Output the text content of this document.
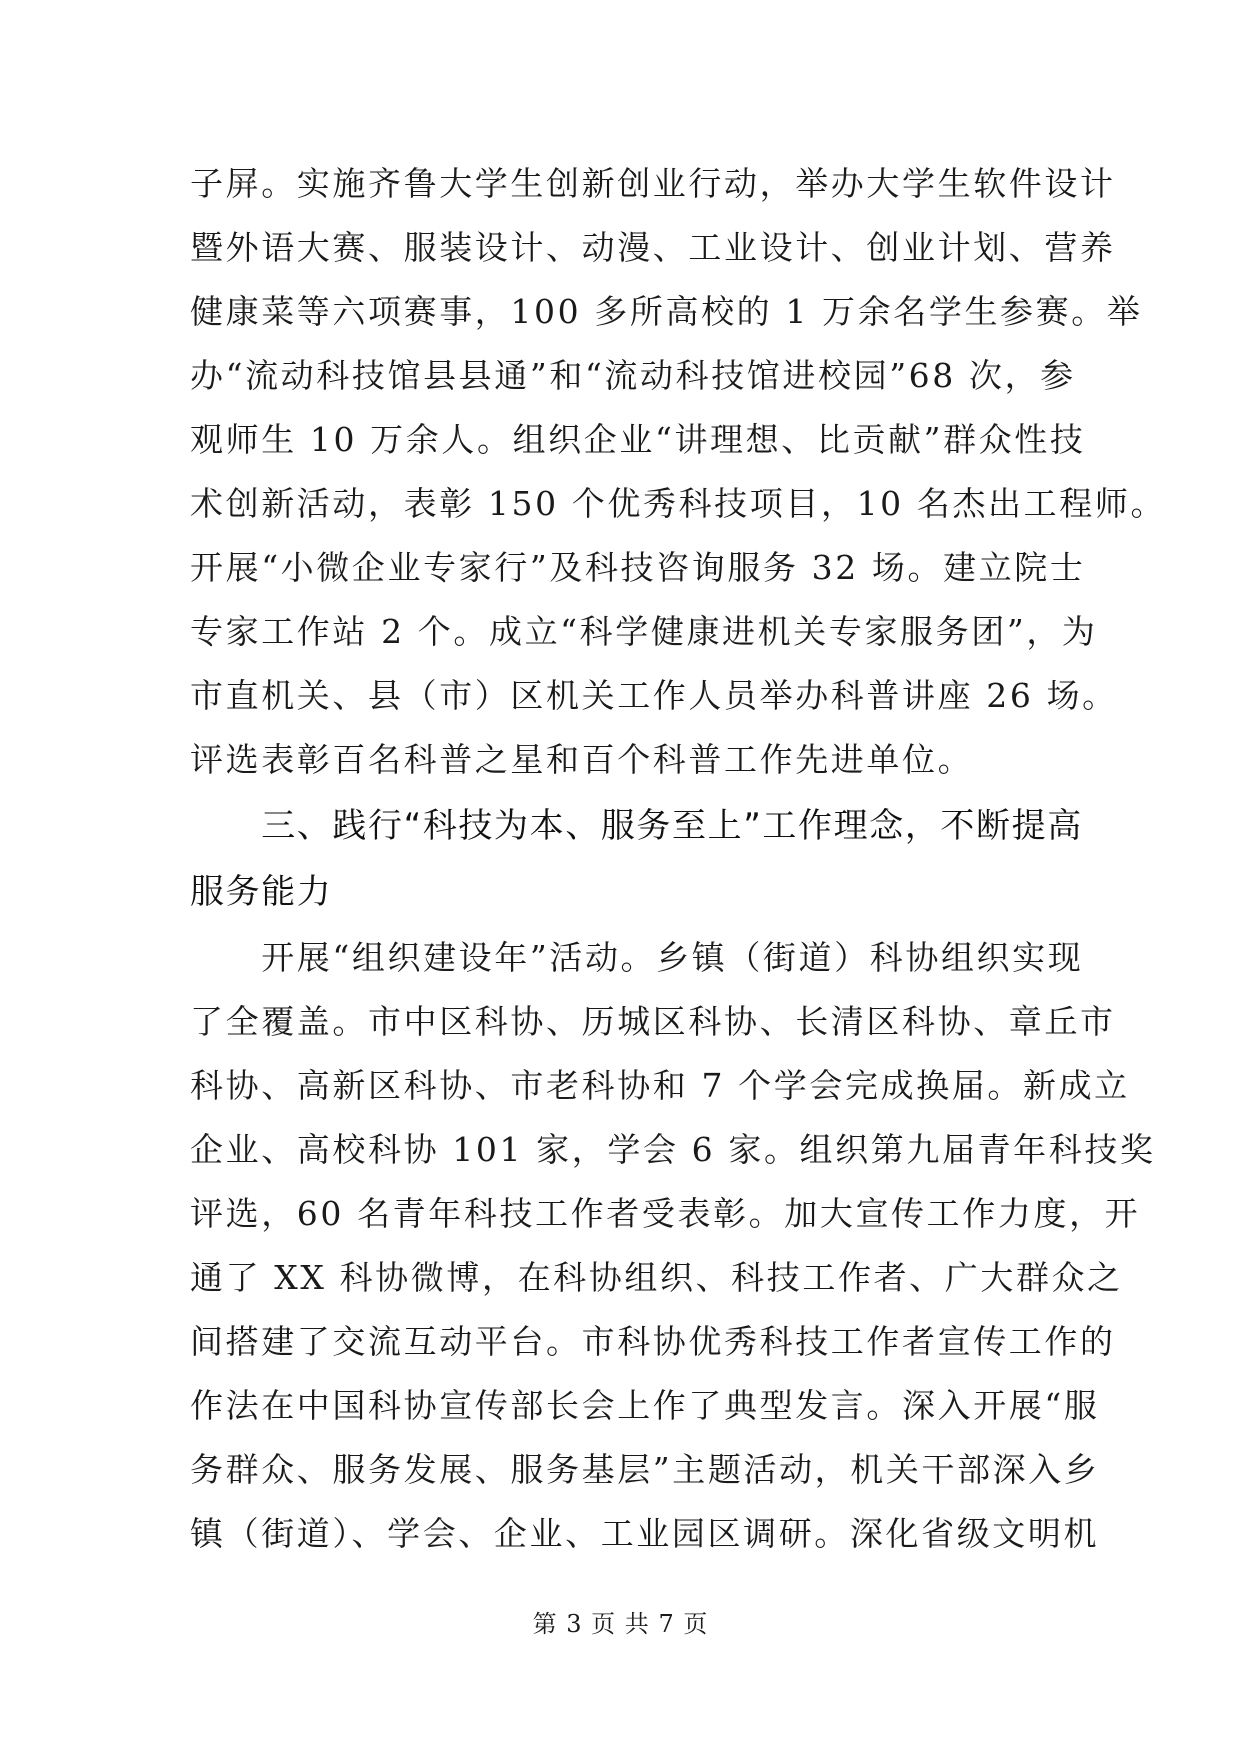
子屏。实施齐鲁大学生创新创业行动，举办大学生软件设计
暨外语大赛、服装设计、动漫、工业设计、创业计划、营养
健康菜等六项赛事，100 多所高校的 1 万余名学生参赛。举
办“流动科技馆县县通”和“流动科技馆进校园”68 次，参
观师生 10 万余人。组织企业“讲理想、比贡献”群众性技
术创新活动，表彰 150 个优秀科技项目，10 名杰出工程师。
开展“小微企业专家行”及科技咨询服务 32 场。建立院士
专家工作站 2 个。成立“科学健康进机关专家服务团”，为
市直机关、县（市）区机关工作人员举办科普讲座 26 场。
评选表彰百名科普之星和百个科普工作先进单位。
　　三、践行“科技为本、服务至上”工作理念，不断提高
服务能力
　　开展“组织建设年”活动。乡镇（街道）科协组织实现
了全覆盖。市中区科协、历城区科协、长清区科协、章丘市
科协、高新区科协、市老科协和 7 个学会完成换届。新成立
企业、高校科协 101 家，学会 6 家。组织第九届青年科技奖
评选，60 名青年科技工作者受表彰。加大宣传工作力度，开
通了 XX 科协微博，在科协组织、科技工作者、广大群众之
间搭建了交流互动平台。市科协优秀科技工作者宣传工作的
作法在中国科协宣传部长会上作了典型发言。深入开展“服
务群众、服务发展、服务基层”主题活动，机关干部深入乡
镇（街道）、学会、企业、工业园区调研。深化省级文明机
第 3 页 共 7 页
